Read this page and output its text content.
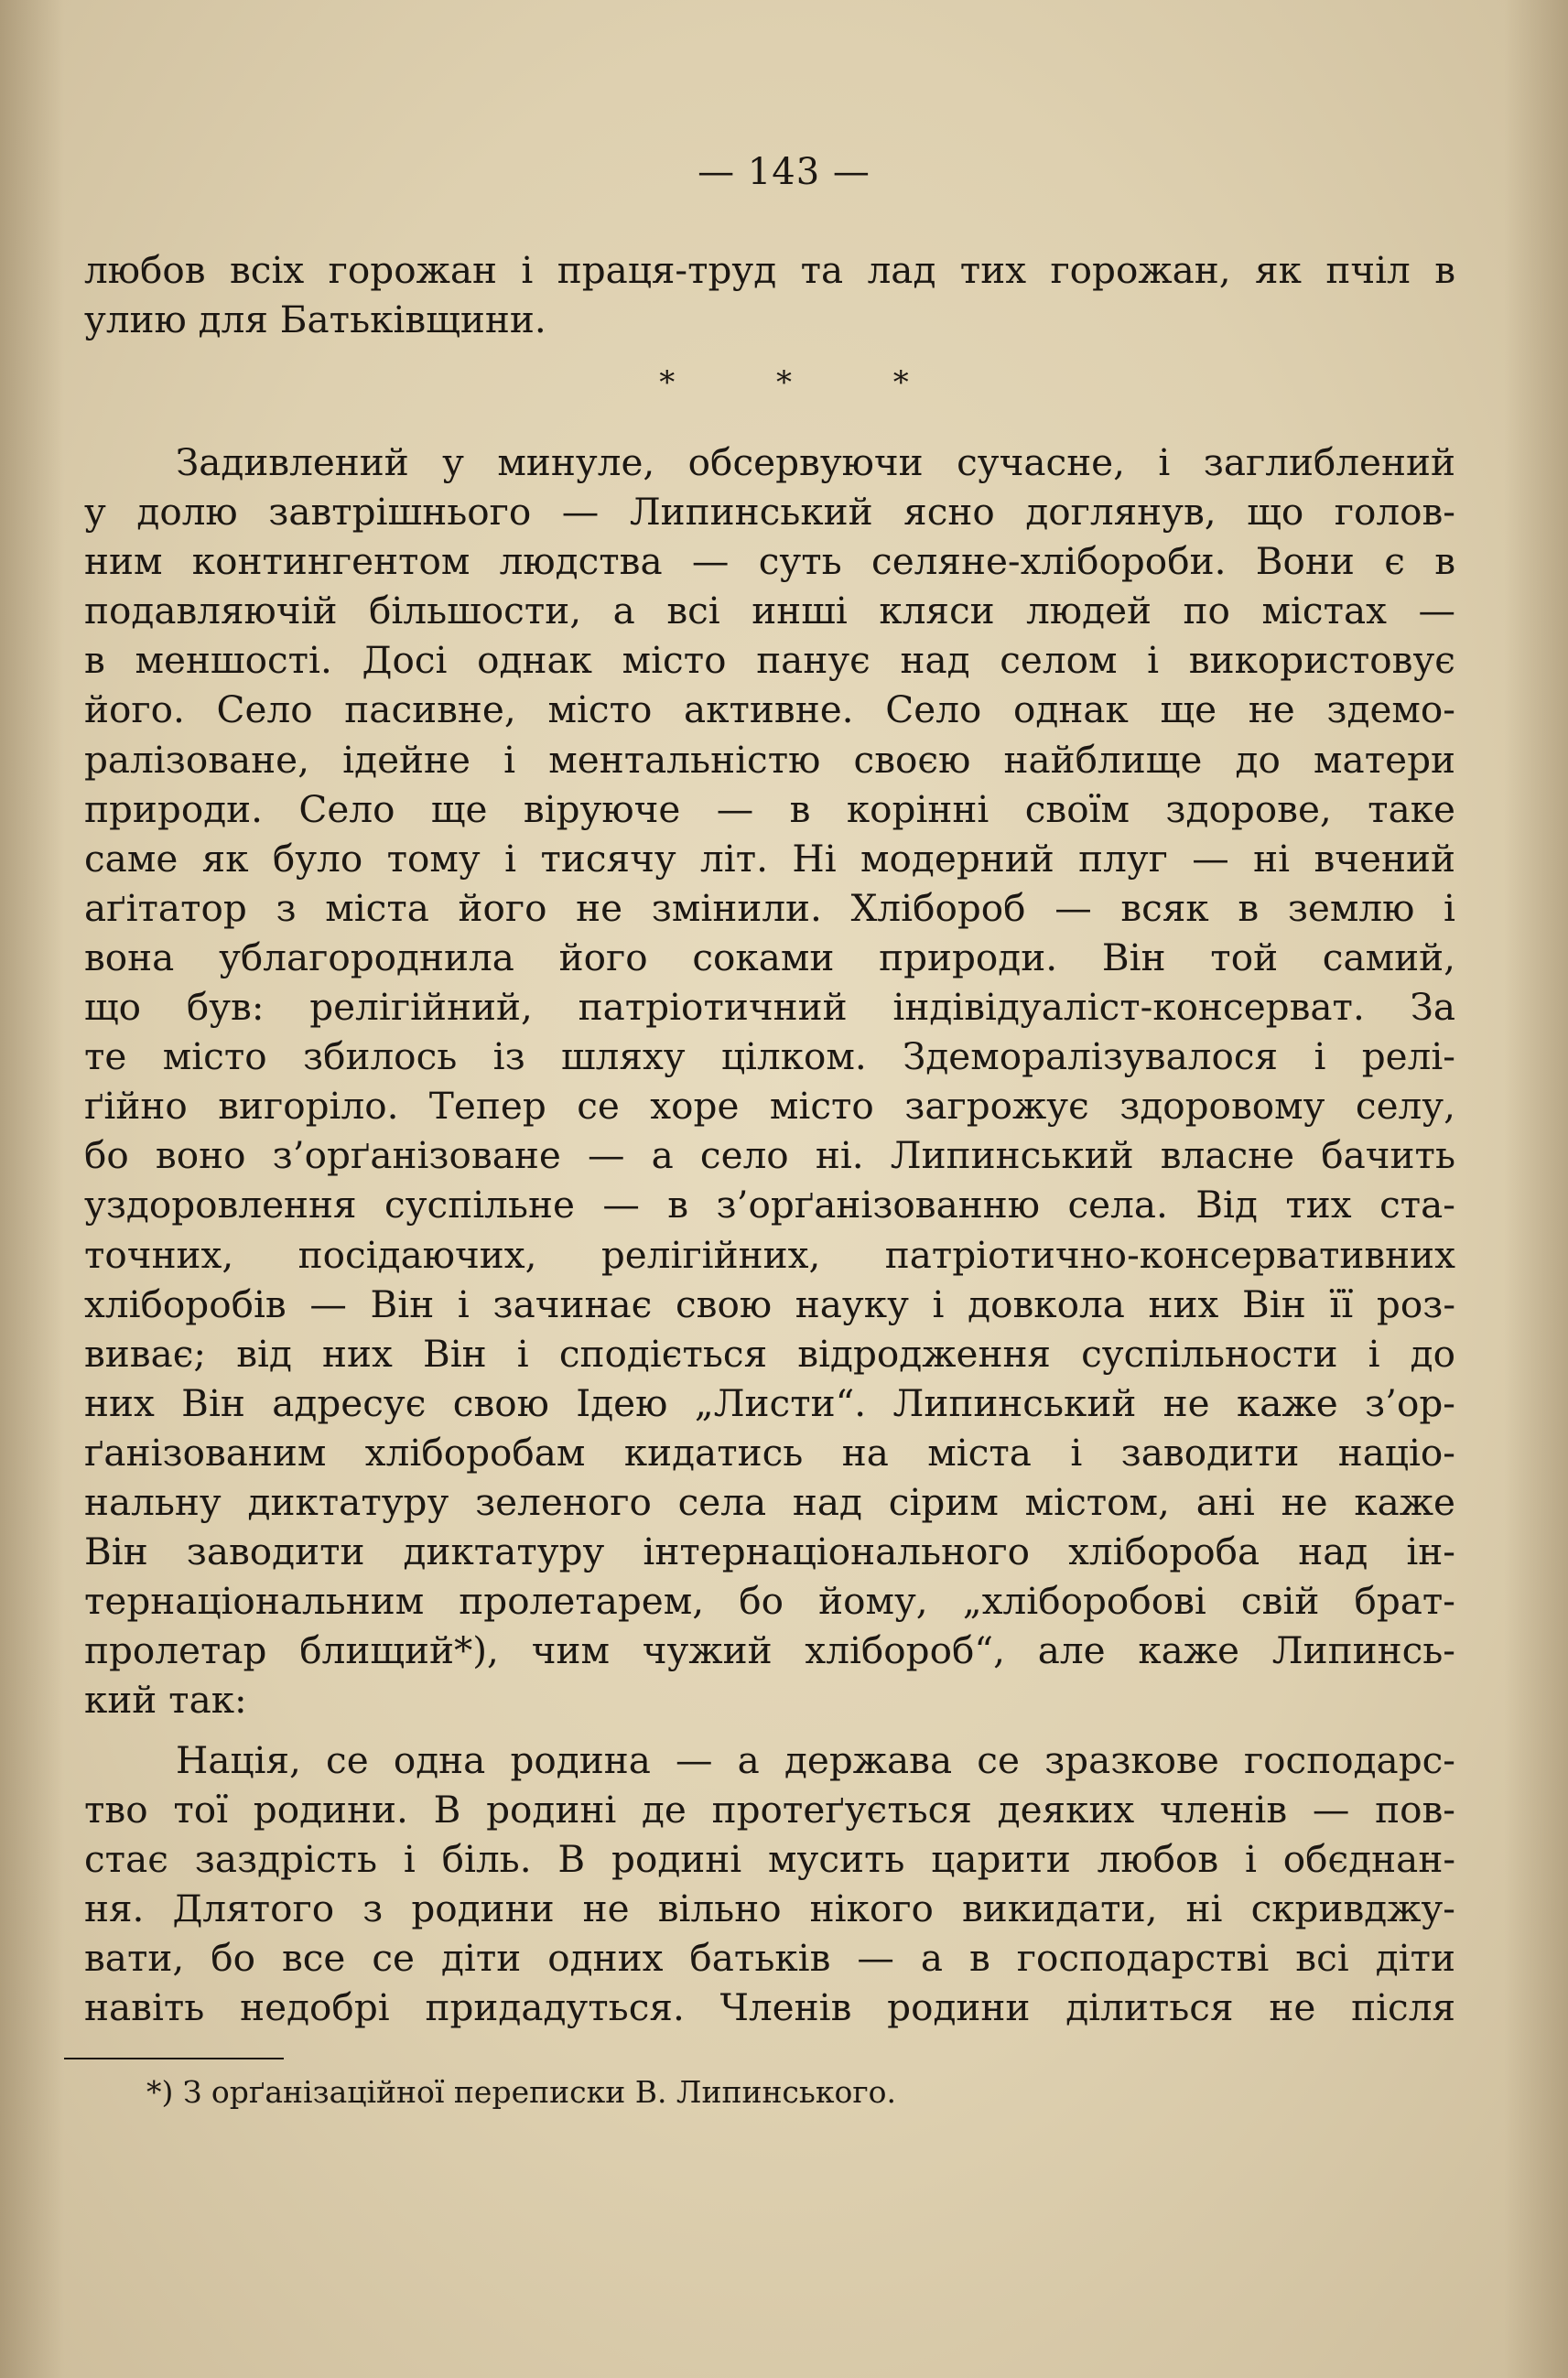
— 143 —
любов всіх горожан і праця-труд та лад тих горожан, як пчіл в
улию для Батьківщини.
* * *
Задивлений у минуле, обсервуючи сучасне, і заглиблений
у долю завтрішнього — Липинський ясно доглянув, що голов-
ним контингентом людства — суть селяне-хлібороби. Вони є в
подавляючій більшости, а всі инші кляси людей по містах —
в меншості. Досі однак місто панує над селом і використовує
його. Село пасивне, місто активне. Село однак ще не здемо-
ралізоване, ідейне і ментальністю своєю найблище до матери
природи. Село ще віруюче — в корінні своїм здорове, таке
саме як було тому і тисячу літ. Ні модерний плуг — ні вчений
аґітатор з міста його не змінили. Хлібороб — всяк в землю і
вона ублагороднила його соками природи. Він той самий,
що був: релігійний, патріотичний індівідуаліст-консерват. За
те місто збилось із шляху цілком. Здеморалізувалося і релі-
ґійно вигоріло. Тепер се хоре місто загрожує здоровому селу,
бо воно з’орґанізоване — а село ні. Липинський власне бачить
уздоровлення суспільне — в з’орґанізованню села. Від тих ста-
точних, посідаючих, релігійних, патріотично-консервативних
хліборобів — Він і зачинає свою науку і довкола них Він її роз-
виває; від них Він і сподіється відродження суспільности і до
них Він адресує свою Ідею „Листи“. Липинський не каже з’ор-
ґанізованим хліборобам кидатись на міста і заводити націо-
нальну диктатуру зеленого села над сірим містом, ані не каже
Він заводити диктатуру інтернаціонального хлібороба над ін-
тернаціональним пролетарем, бо йому, „хліборобові свій брат-
пролетар блищий*), чим чужий хлібороб“, але каже Липинсь-
кий так:
Нація, се одна родина — а держава се зразкове господарс-
тво тої родини. В родині де протеґується деяких членів — пов-
стає заздрість і біль. В родині мусить царити любов і обєднан-
ня. Длятого з родини не вільно нікого викидати, ні скривджу-
вати, бо все се діти одних батьків — а в господарстві всі діти
навіть недобрі придадуться. Членів родини ділиться не після
*) З орґанізаційної переписки В. Липинського.
